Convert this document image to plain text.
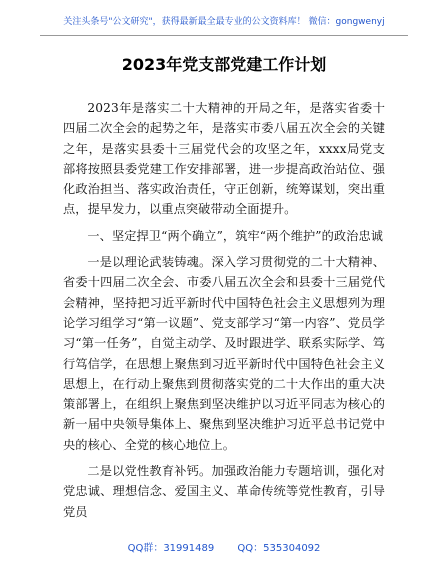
关注头条号"公文研究"，获得最新最全最专业的公文资料库！ 微信：gongwenyj
2023年党支部党建工作计划

2023年是落实二十大精神的开局之年，是落实省委十四届二次全会的起势之年，是落实市委八届五次全会的关键之年，是落实县委十三届党代会的攻坚之年，xxxx局党支部将按照县委党建工作安排部署，进一步提高政治站位、强化政治担当、落实政治责任，守正创新，统筹谋划，突出重点，提早发力，以重点突破带动全面提升。

一、坚定捍卫“两个确立”，筑牢“两个维护”的政治忠诚

一是以理论武装铸魂。深入学习贯彻党的二十大精神、省委十四届二次全会、市委八届五次全会和县委十三届党代会精神，坚持把习近平新时代中国特色社会主义思想列为理论学习组学习“第一议题”、党支部学习“第一内容”、党员学习“第一任务”，自觉主动学、及时跟进学、联系实际学、笃行笃信学，在思想上聚焦到习近平新时代中国特色社会主义思想上，在行动上聚焦到贯彻落实党的二十大作出的重大决策部署上，在组织上聚焦到坚决维护以习近平同志为核心的新一届中央领导集体上、聚焦到坚决维护习近平总书记党中央的核心、全党的核心地位上。

二是以党性教育补钙。加强政治能力专题培训，强化对党忠诚、理想信念、爱国主义、革命传统等党性教育，引导党员

QQ群：31991489 QQ：535304092
